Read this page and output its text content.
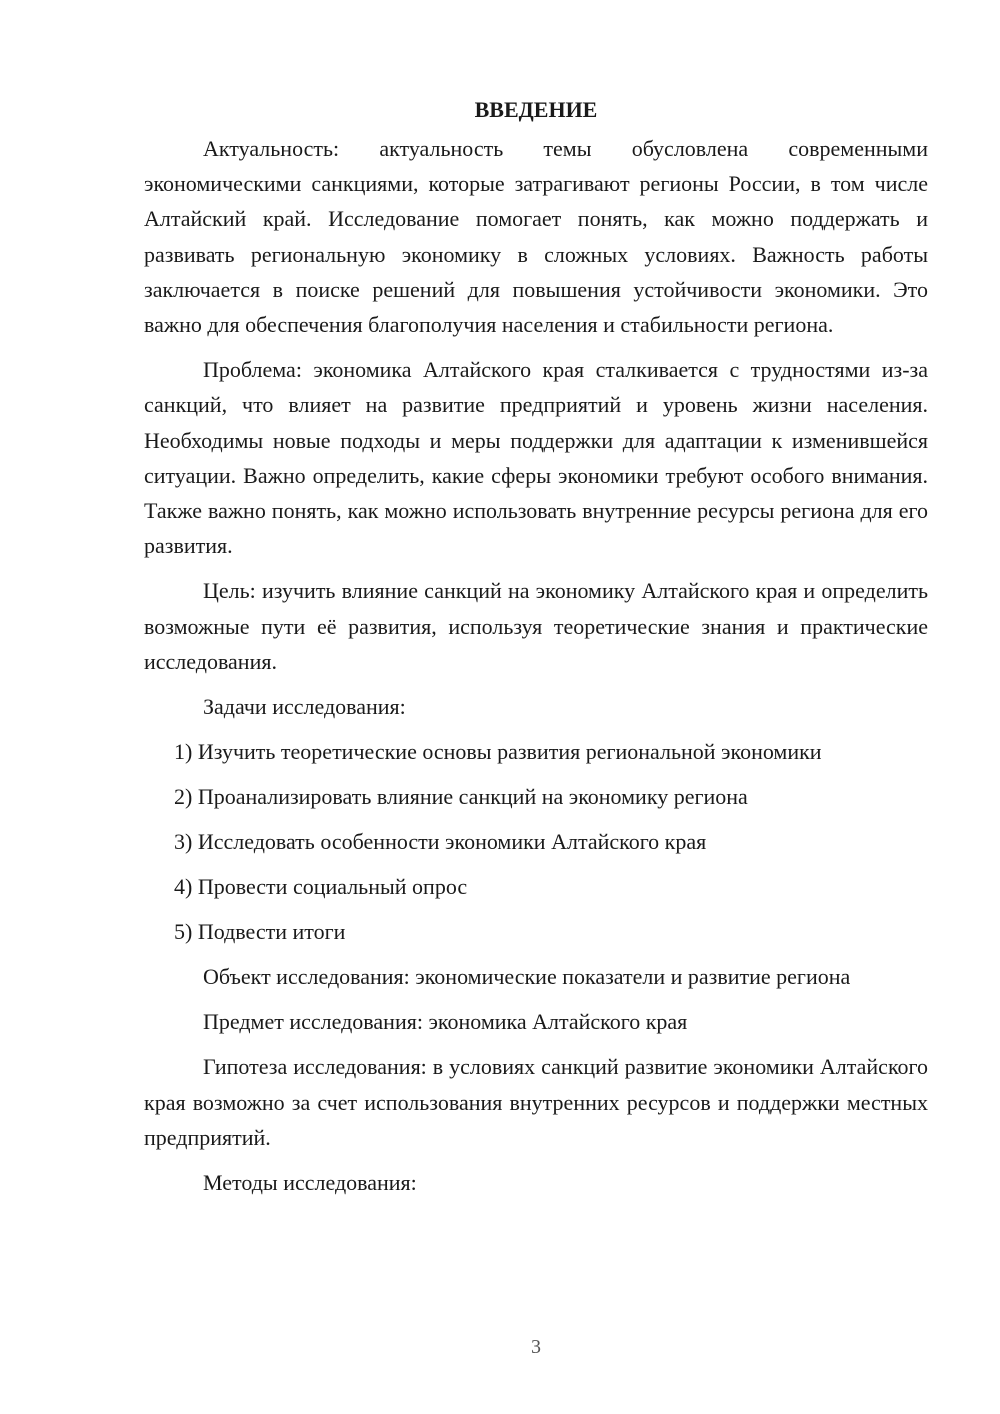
ВВЕДЕНИЕ

Актуальность: актуальность темы обусловлена современными экономическими санкциями, которые затрагивают регионы России, в том числе Алтайский край. Исследование помогает понять, как можно поддержать и развивать региональную экономику в сложных условиях. Важность работы заключается в поиске решений для повышения устойчивости экономики. Это важно для обеспечения благополучия населения и стабильности региона.

Проблема: экономика Алтайского края сталкивается с трудностями из-за санкций, что влияет на развитие предприятий и уровень жизни населения. Необходимы новые подходы и меры поддержки для адаптации к изменившейся ситуации. Важно определить, какие сферы экономики требуют особого внимания. Также важно понять, как можно использовать внутренние ресурсы региона для его развития.

Цель: изучить влияние санкций на экономику Алтайского края и определить возможные пути её развития, используя теоретические знания и практические исследования.

Задачи исследования:

1) Изучить теоретические основы развития региональной экономики

2) Проанализировать влияние санкций на экономику региона

3) Исследовать особенности экономики Алтайского края

4) Провести социальный опрос

5) Подвести итоги

Объект исследования: экономические показатели и развитие региона

Предмет исследования: экономика Алтайского края

Гипотеза исследования: в условиях санкций развитие экономики Алтайского края возможно за счет использования внутренних ресурсов и поддержки местных предприятий.

Методы исследования:

3
